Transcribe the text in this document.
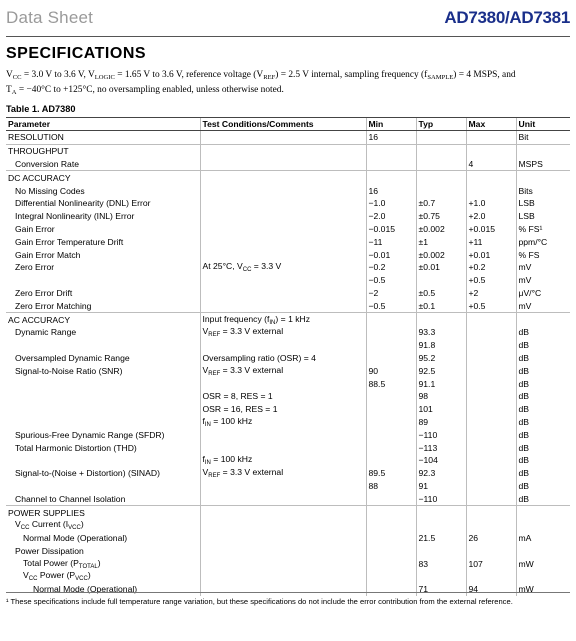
Data Sheet	AD7380/AD7381
SPECIFICATIONS
$V_{CC} = 3.0$ V to 3.6 V, $V_{LOGIC} = 1.65$ V to 3.6 V, reference voltage $(V_{REF}) = 2.5$ V internal, sampling frequency $(f_{SAMPLE}) = 4$ MSPS, and
$T_A = -40^\circ C$ to +125°C, no oversampling enabled, unless otherwise noted.
Table 1. AD7380
Parameter	Test Conditions/Comments	Min	Typ	Max	Unit
RESOLUTION		16			Bit
THROUGHPUT					
Conversion Rate				4	MSPS
DC ACCURACY					
No Missing Codes		16			Bits
Differential Nonlinearity (DNL) Error		−1.0	±0.7	+1.0	LSB
Integral Nonlinearity (INL) Error		−2.0	±0.75	+2.0	LSB
Gain Error		−0.015	±0.002	+0.015	% FS¹
Gain Error Temperature Drift		−11	±1	+11	ppm/°C
Gain Error Match		−0.01	±0.002	+0.01	% FS
Zero Error	At 25°C, $V_{CC} = 3.3$ V	−0.2	±0.01	+0.2	mV
		−0.5		+0.5	mV
Zero Error Drift		−2	±0.5	+2	μV/°C
Zero Error Matching		−0.5	±0.1	+0.5	mV
AC ACCURACY	Input frequency $(f_{IN}) = 1$ kHz				
Dynamic Range	$V_{REF} = 3.3$ V external		93.3		dB
			91.8		dB
Oversampled Dynamic Range	Oversampling ratio (OSR) = 4		95.2		dB
Signal-to-Noise Ratio (SNR)	$V_{REF} = 3.3$ V external	90	92.5		dB
		88.5	91.1		dB
	OSR = 8, RES = 1		98		dB
	OSR = 16, RES = 1		101		dB
	$f_{IN} = 100$ kHz		89		dB
Spurious-Free Dynamic Range (SFDR)			−110		dB
Total Harmonic Distortion (THD)			−113		dB
	$f_{IN} = 100$ kHz		−104		dB
Signal-to-(Noise + Distortion) (SINAD)	$V_{REF} = 3.3$ V external	89.5	92.3		dB
		88	91		dB
Channel to Channel Isolation			−110		dB
POWER SUPPLIES					
$V_{CC}$ Current $(I_{VCC})$					
Normal Mode (Operational)			21.5	26	mA
Power Dissipation					
Total Power $(P_{TOTAL})$			83	107	mW
$V_{CC}$ Power $(P_{VCC})$					
Normal Mode (Operational)			71	94	mW
¹ These specifications include full temperature range variation, but these specifications do not include the error contribution from the external reference.
